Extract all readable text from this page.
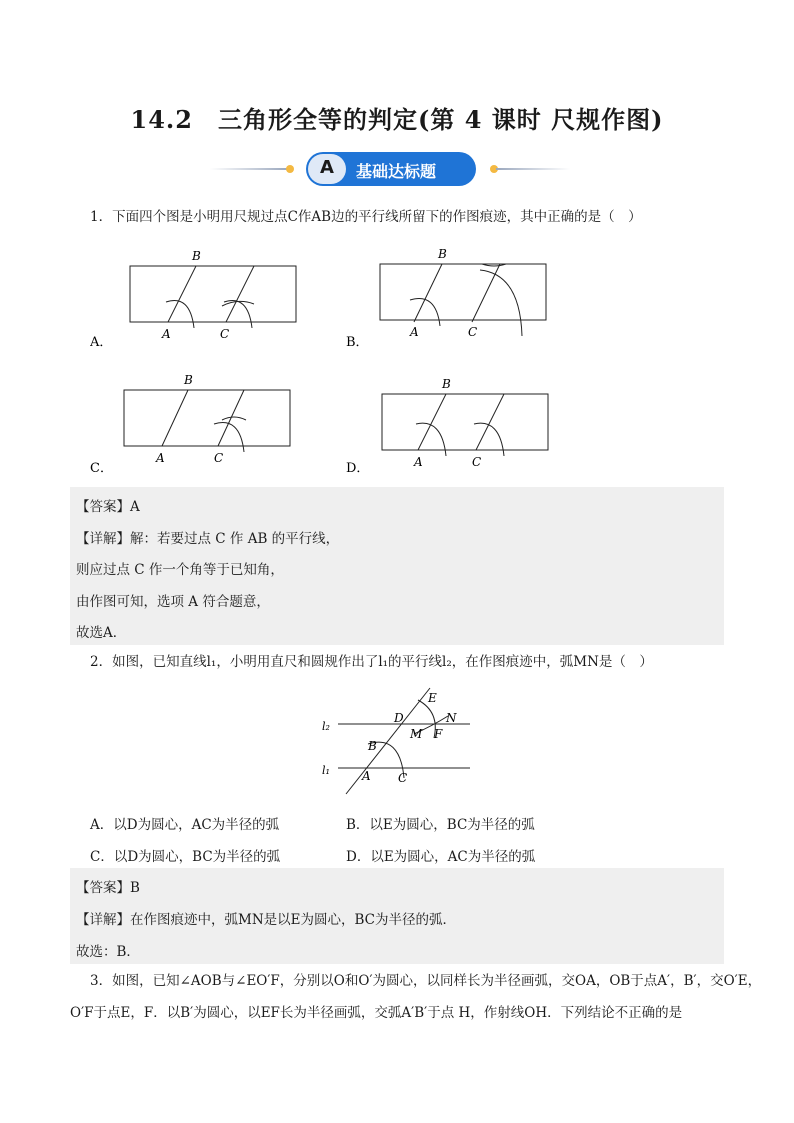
14.2　三角形全等的判定(第 4 课时 尺规作图)
A	基础达标题
1．下面四个图是小明用尺规过点C作AB边的平行线所留下的作图痕迹，其中正确的是（　）
B
A	C
A．
B
A	C
B．
B
A	C
C．
B
A	C
D．
【答案】A
【详解】解：若要过点 C 作 AB 的平行线，
则应过点 C 作一个角等于已知角，
由作图可知，选项 A 符合题意，
故选A．
2．如图，已知直线l₁，小明用直尺和圆规作出了l₁的平行线l₂，在作图痕迹中，弧MN是（　）
l₂
l₁
E
D	N
M F
B
A C
A．以D为圆心，AC为半径的弧	B．以E为圆心，BC为半径的弧
C．以D为圆心，BC为半径的弧	D．以E为圆心，AC为半径的弧
【答案】B
【详解】在作图痕迹中，弧MN是以E为圆心，BC为半径的弧．
故选：B．
3．如图，已知∠AOB与∠EO′F，分别以O和O′为圆心，以同样长为半径画弧，交OA，OB于点A′，B′，交O′E，
O′F于点E，F．以B′为圆心，以EF长为半径画弧，交弧A′B′于点 H，作射线OH．下列结论不正确的是
